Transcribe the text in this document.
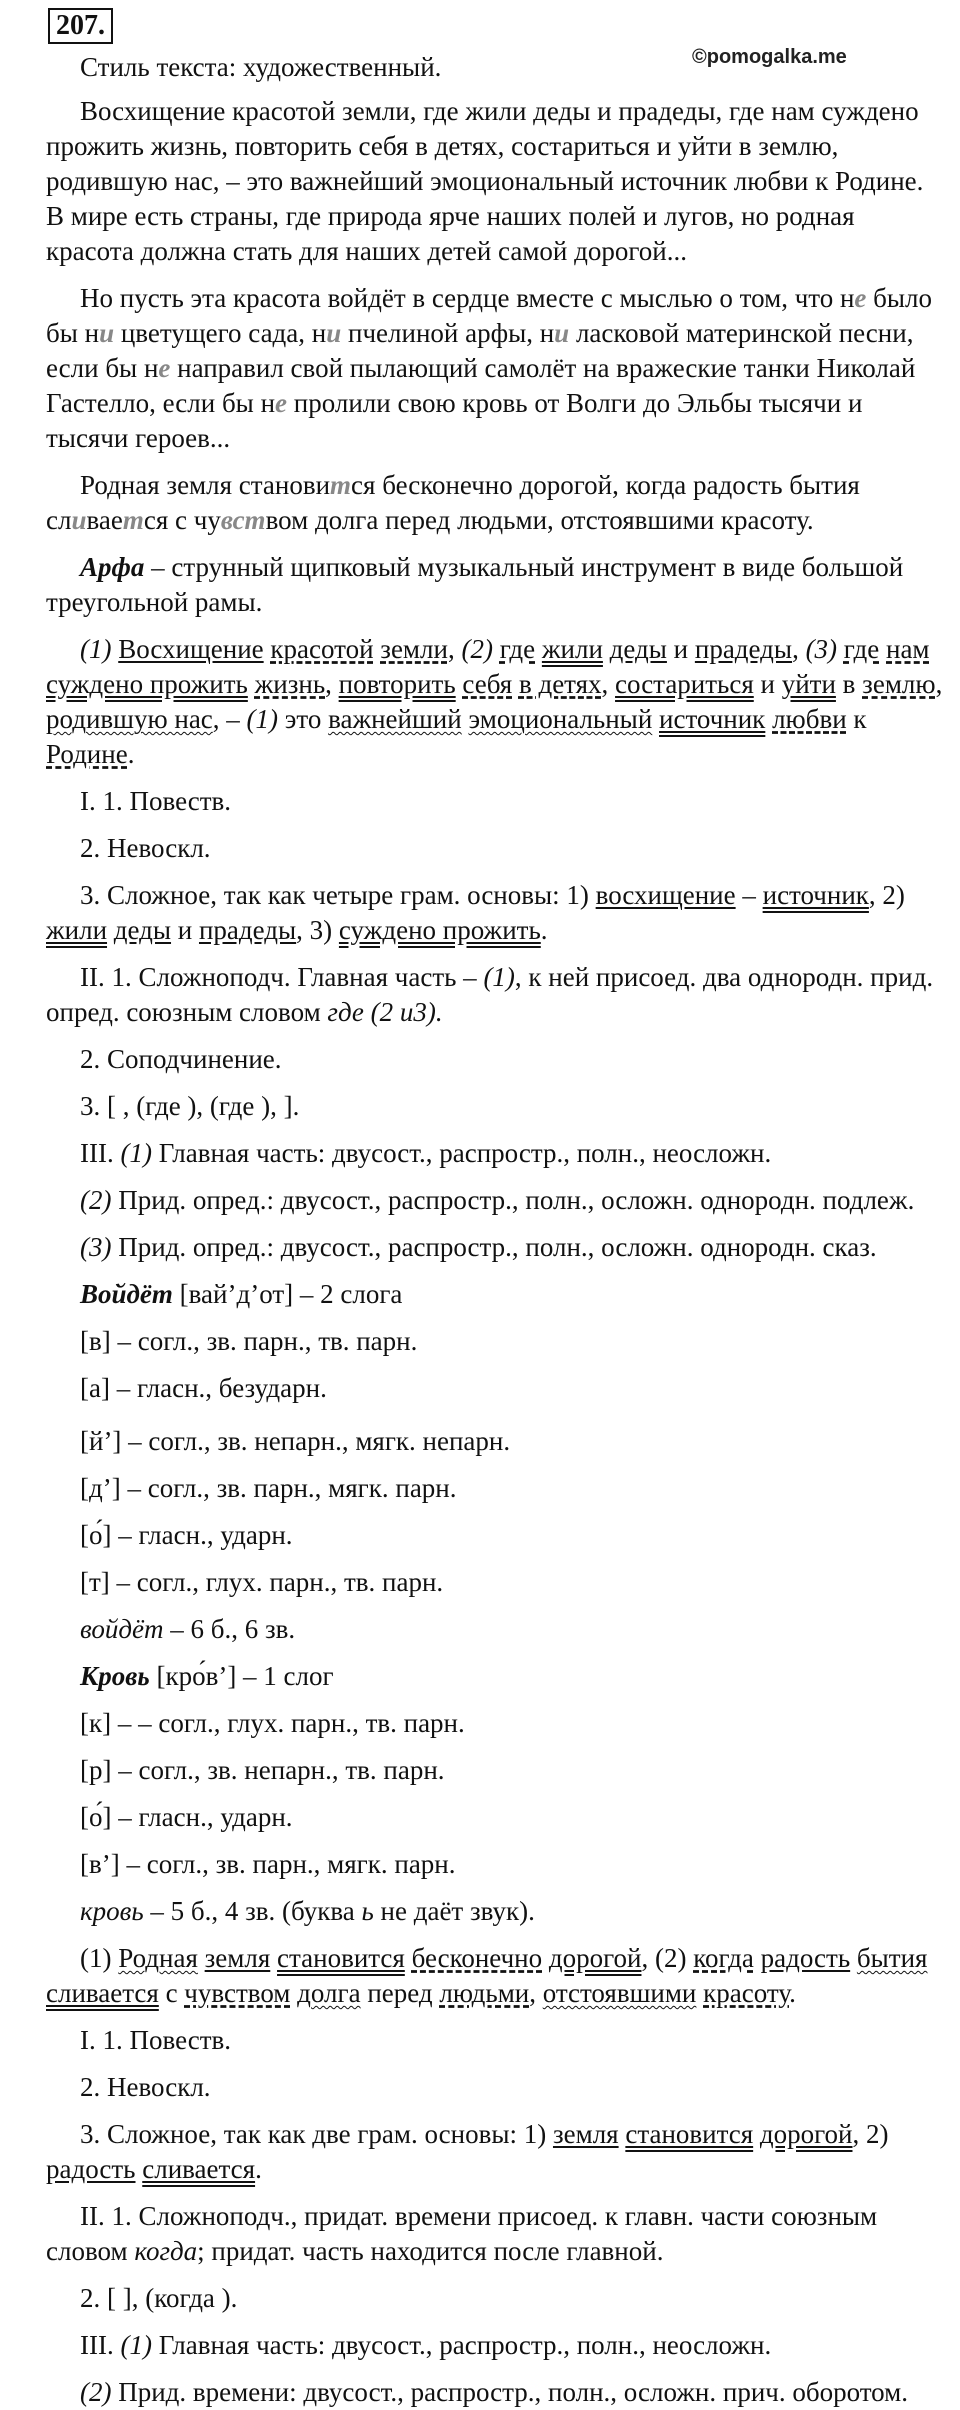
207.
©pomogalka.me

Стиль текста: художественный.

Восхищение красотой земли, где жили деды и прадеды, где нам суждено прожить жизнь, повторить себя в детях, состариться и уйти в землю, родившую нас, – это важнейший эмоциональный источник любви к Родине. В мире есть страны, где природа ярче наших полей и лугов, но родная красота должна стать для наших детей самой дорогой...

Но пусть эта красота войдёт в сердце вместе с мыслью о том, что не было бы ни цветущего сада, ни пчелиной арфы, ни ласковой материнской песни, если бы не направил свой пылающий самолёт на вражеские танки Николай Гастелло, если бы не пролили свою кровь от Волги до Эльбы тысячи и тысячи героев...

Родная земля становится бесконечно дорогой, когда радость бытия сливается с чувством долга перед людьми, отстоявшими красоту.

Арфа – струнный щипковый музыкальный инструмент в виде большой треугольной рамы.

(1) Восхищение красотой земли, (2) где жили деды и прадеды, (3) где нам суждено прожить жизнь, повторить себя в детях, состариться и уйти в землю, родившую нас, – (1) это важнейший эмоциональный источник любви к Родине.

I. 1. Повеств.

2. Невоскл.

3. Сложное, так как четыре грам. основы: 1) восхищение – источник, 2) жили деды и прадеды, 3) суждено прожить.

II. 1. Сложноподч. Главная часть – (1), к ней присоед. два однородн. прид. опред. союзным словом где (2 и3).

2. Соподчинение.

3. [ , (где ), (где ), ].

III. (1) Главная часть: двусост., распростр., полн., неосложн.

(2) Прид. опред.: двусост., распростр., полн., осложн. однородн. подлеж.

(3) Прид. опред.: двусост., распростр., полн., осложн. однородн. сказ.

Войдёт [вай’д’от] – 2 слога

[в] – согл., зв. парн., тв. парн.

[а] – гласн., безударн.

[й’] – согл., зв. непарн., мягк. непарн.

[д’] – согл., зв. парн., мягк. парн.

[о́] – гласн., ударн.

[т] – согл., глух. парн., тв. парн.

войдёт – 6 б., 6 зв.

Кровь [кро́в’] – 1 слог

[к] – – согл., глух. парн., тв. парн.

[р] – согл., зв. непарн., тв. парн.

[о́] – гласн., ударн.

[в’] – согл., зв. парн., мягк. парн.

кровь – 5 б., 4 зв. (буква ь не даёт звук).

(1) Родная земля становится бесконечно дорогой, (2) когда радость бытия сливается с чувством долга перед людьми, отстоявшими красоту.

I. 1. Повеств.

2. Невоскл.

3. Сложное, так как две грам. основы: 1) земля становится дорогой, 2) радость сливается.

II. 1. Сложноподч., придат. времени присоед. к главн. части союзным словом когда; придат. часть находится после главной.

2. [ ], (когда ).

III. (1) Главная часть: двусост., распростр., полн., неосложн.

(2) Прид. времени: двусост., распростр., полн., осложн. прич. оборотом.
